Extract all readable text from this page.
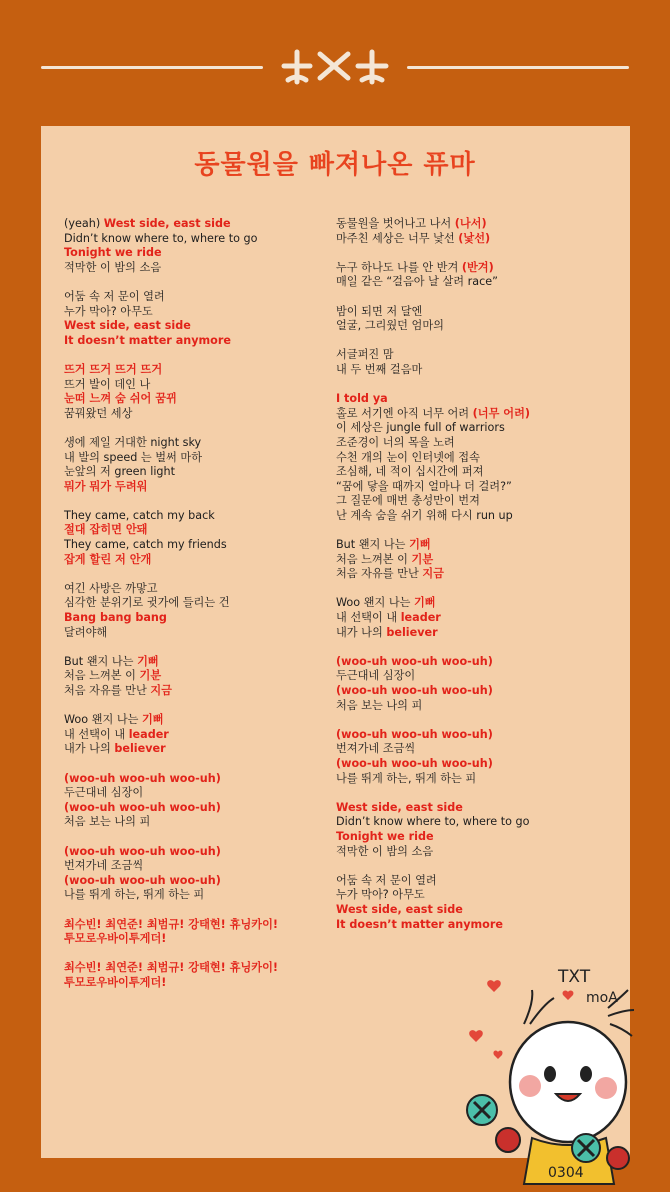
동물원을 빠져나온 퓨마
(yeah) West side, east side
Didn’t know where to, where to go
Tonight we ride
적막한 이 밤의 소음
어둠 속 저 문이 열려
누가 막아? 아무도
West side, east side
It doesn’t matter anymore
뜨거 뜨거 뜨거 뜨거
뜨거 발이 데인 나
눈떠 느껴 숨 쉬어 꿈뀌
꿈꿔왔던 세상
생에 제일 거대한 night sky
내 발의 speed 는 벌써 마하
눈앞의 저 green light
뭐가 뭐가 두려워
They came, catch my back
절대 잡히면 안돼
They came, catch my friends
잡게 할린 저 안개
여긴 사방은 까맣고
심각한 분위기로 귓가에 들리는 건
Bang bang bang
달려야해
But 왠지 나는 기뻐
처음 느껴본 이 기분
처음 자유를 만난 지금
Woo 왠지 나는 기뻐
내 선택이 내 leader
내가 나의 believer
(woo-uh woo-uh woo-uh)
두근대네 심장이
(woo-uh woo-uh woo-uh)
처음 보는 나의 피
(woo-uh woo-uh woo-uh)
번져가네 조금씩
(woo-uh woo-uh woo-uh)
나를 뛰게 하는, 뛰게 하는 피
최수빈! 최연준! 최범규! 강태현! 휴닝카이!
투모로우바이투게더!
최수빈! 최연준! 최범규! 강태현! 휴닝카이!
투모로우바이투게더!
동물원을 벗어나고 나서 (나서)
마주친 세상은 너무 낯선 (낯선)
누구 하나도 나를 안 반겨 (반겨)
매일 같은 “걸음아 날 살려 race”
밤이 되면 저 달엔
얼굴, 그리웠던 엄마의
서글퍼진 맘
내 두 번째 걸음마
I told ya
홀로 서기엔 아직 너무 어려 (너무 어려)
이 세상은 jungle full of warriors
조준경이 너의 목을 노려
수천 개의 눈이 인터넷에 접속
조심해, 네 적이 십시간에 퍼져
“꿈에 닿을 때까지 얼마나 더 걸려?”
그 질문에 매번 총성만이 번져
난 계속 숨을 쉬기 위해 다시 run up
But 왠지 나는 기뻐
처음 느껴본 이 기분
처음 자유를 만난 지금
Woo 왠지 나는 기뻐
내 선택이 내 leader
내가 나의 believer
(woo-uh woo-uh woo-uh)
두근대네 심장이
(woo-uh woo-uh woo-uh)
처음 보는 나의 피
(woo-uh woo-uh woo-uh)
번져가네 조금씩
(woo-uh woo-uh woo-uh)
나를 뛰게 하는, 뛰게 하는 피
West side, east side
Didn’t know where to, where to go
Tonight we ride
적막한 이 밤의 소음
어둠 속 저 문이 열려
누가 막아? 아무도
West side, east side
It doesn’t matter anymore
TXT
moA
0304
